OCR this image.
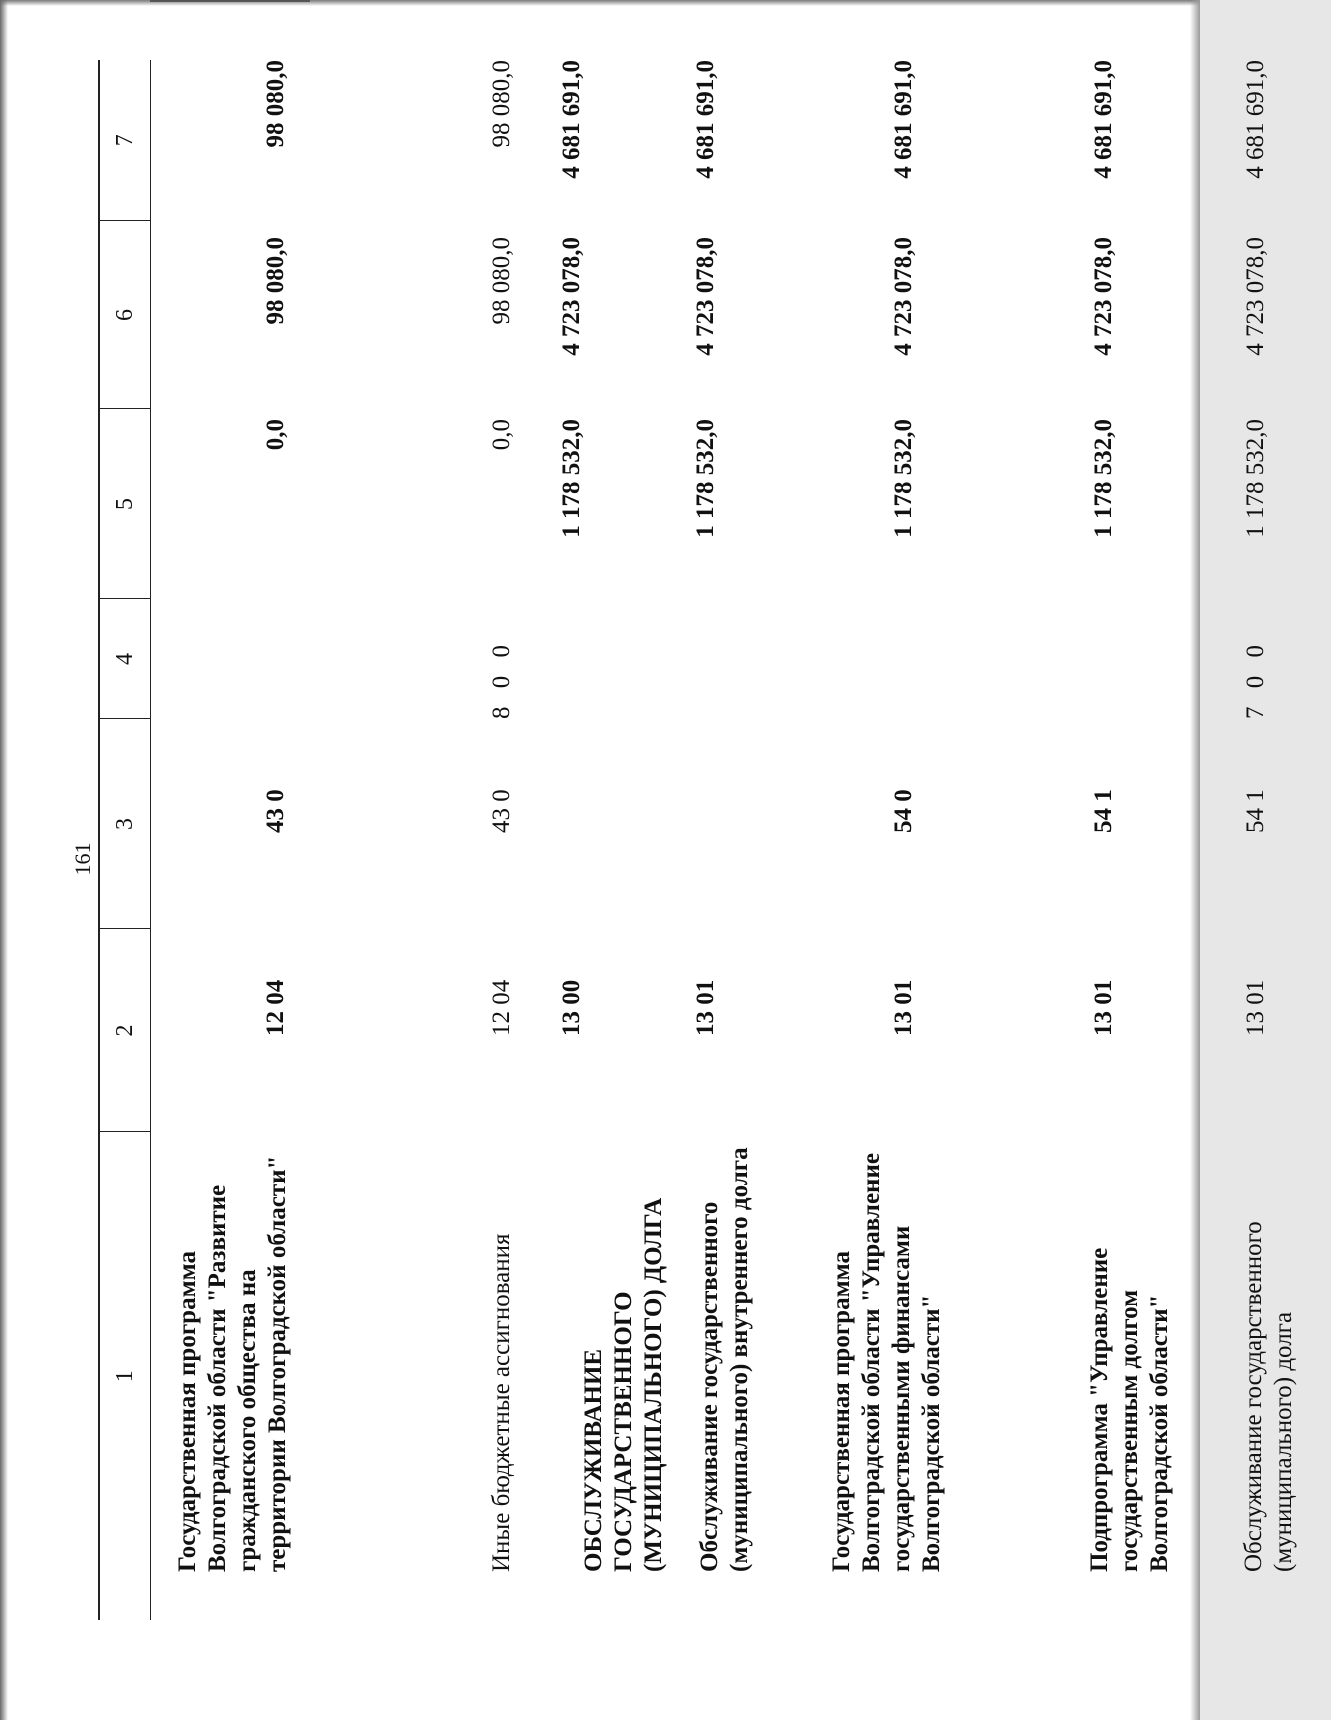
161
1	2	3	4	5	6	7
Государственная программа Волгоградской области "Развитие гражданского общества на территории Волгоградской области"	12 04	43 0		0,0	98 080,0	98 080,0
Иные бюджетные ассигнования	12 04	43 0	8 0 0	0,0	98 080,0	98 080,0
ОБСЛУЖИВАНИЕ ГОСУДАРСТВЕННОГО (МУНИЦИПАЛЬНОГО) ДОЛГА	13 00			1 178 532,0	4 723 078,0	4 681 691,0
Обслуживание государственного (муниципального) внутреннего долга	13 01			1 178 532,0	4 723 078,0	4 681 691,0
Государственная программа Волгоградской области "Управление государственными финансами Волгоградской области"	13 01	54 0		1 178 532,0	4 723 078,0	4 681 691,0
Подпрограмма "Управление государственным долгом Волгоградской области"	13 01	54 1		1 178 532,0	4 723 078,0	4 681 691,0
Обслуживание государственного (муниципального) долга	13 01	54 1	7 0 0	1 178 532,0	4 723 078,0	4 681 691,0
